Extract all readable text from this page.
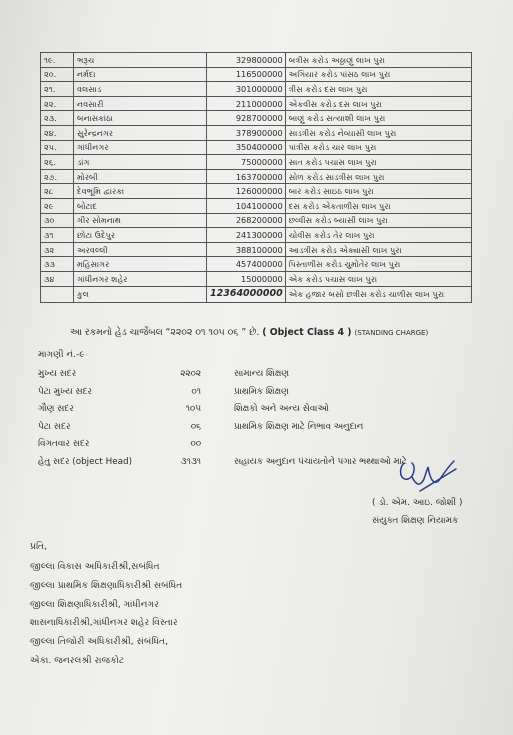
૧૯.	ભરૂચ	329800000	બત્રીસ કરોડ અઠ્ઠાણું લાખ પુરા
૨૦.	નર્મદા	116500000	અગિયાર કરોડ પાંસઠ લાખ પુરા
૨૧.	વલસાડ	301000000	ત્રીસ કરોડ દસ લાખ પુરા
૨૨.	નવસારી	211000000	એકવીસ કરોડ દસ લાખ પુરા
૨૩.	બનાસકાંઠા	928700000	બાણું કરોડ સત્યાશી લાખ પુરા
૨૪.	સુરેન્દ્રનગર	378900000	સાડત્રીસ કરોડ નેવ્યાસી લાખ પુરા
૨૫.	ગાંધીનગર	350400000	પાંત્રીસ કરોડ ચાર લાખ પુરા
૨૬.	ડાંગ	75000000	સાત કરોડ પચાસ લાખ પુરા
૨૭.	મોરબી	163700000	સોળ કરોડ સાડત્રીસ લાખ પુરા
૨૮	દેવભૂમિ દ્વારકા	126000000	બાર કરોડ સાઇઠ લાખ પુરા
૨૯	બોટાદ	104100000	દસ કરોડ એકતાળીસ લાખ પુરા
૩૦	ગીર સોમનાથ	268200000	છવ્વીસ કરોડ બ્યાસી લાખ પુરા
૩૧	છોટા ઉદેપુર	241300000	ચોવીસ કરોડ તેર લાખ પુરા
૩૨	અરવલ્લી	388100000	આડત્રીસ કરોડ એક્યાસી લાખ પુરા
૩૩	મહિસાગર	457400000	પિસ્તાળીસ કરોડ ચુમોતેર લાખ પુરા
૩૪	ગાંધીનગર શહેર	15000000	એક કરોડ પચાસ લાખ પુરા
	કુલ	12364000000	એક હજાર બસો છત્રીસ કરોડ ચાળીસ લાખ પુરા
આ રકમનો હેડ ચાર્જેબલ “૨૨૦૨ ૦૧ ૧૦૫ ૦૬ ” છે. ( Object Class 4 ) (STANDING CHARGE)
માગણી નં.-૯
મુખ્ય સદર	૨૨૦૨	સામાન્ય શિક્ષણ
પેટા મુખ્ય સદર	૦૧	પ્રાથમિક શિક્ષણ
ગૌણ સદર	૧૦૫	શિક્ષકો અને અન્ય સેવાઓ
પેટા સદર	૦૬	પ્રાથમિક શિક્ષણ માટે નિભાવ અનુદાન
વિગતવાર સદર	૦૦
હેતુ સદર (object Head)	૩૧૩૧	સહાયક અનુદાન પંચાયતોને પગાર ભથ્થાઓ માટે
( ડો. એમ. આઇ. જોશી )
સંયુક્ત શિક્ષણ નિયામક
પ્રતિ,
જીલ્લા વિકાસ અધિકારીશ્રી,સબંધિત
જીલ્લા પ્રાથમિક શિક્ષણાધિકારીશ્રી સબંધિત
જીલ્લા શિક્ષણાધિકારીશ્રી, ગાંધીનગર
શાસનાધિકારીશ્રી,ગાંધીનગર શહેર વિસ્તાર
જીલ્લા તિજોરી અધિકારીશ્રી, સંબંધિત,
એકા. જનરલશ્રી રાજકોટ
